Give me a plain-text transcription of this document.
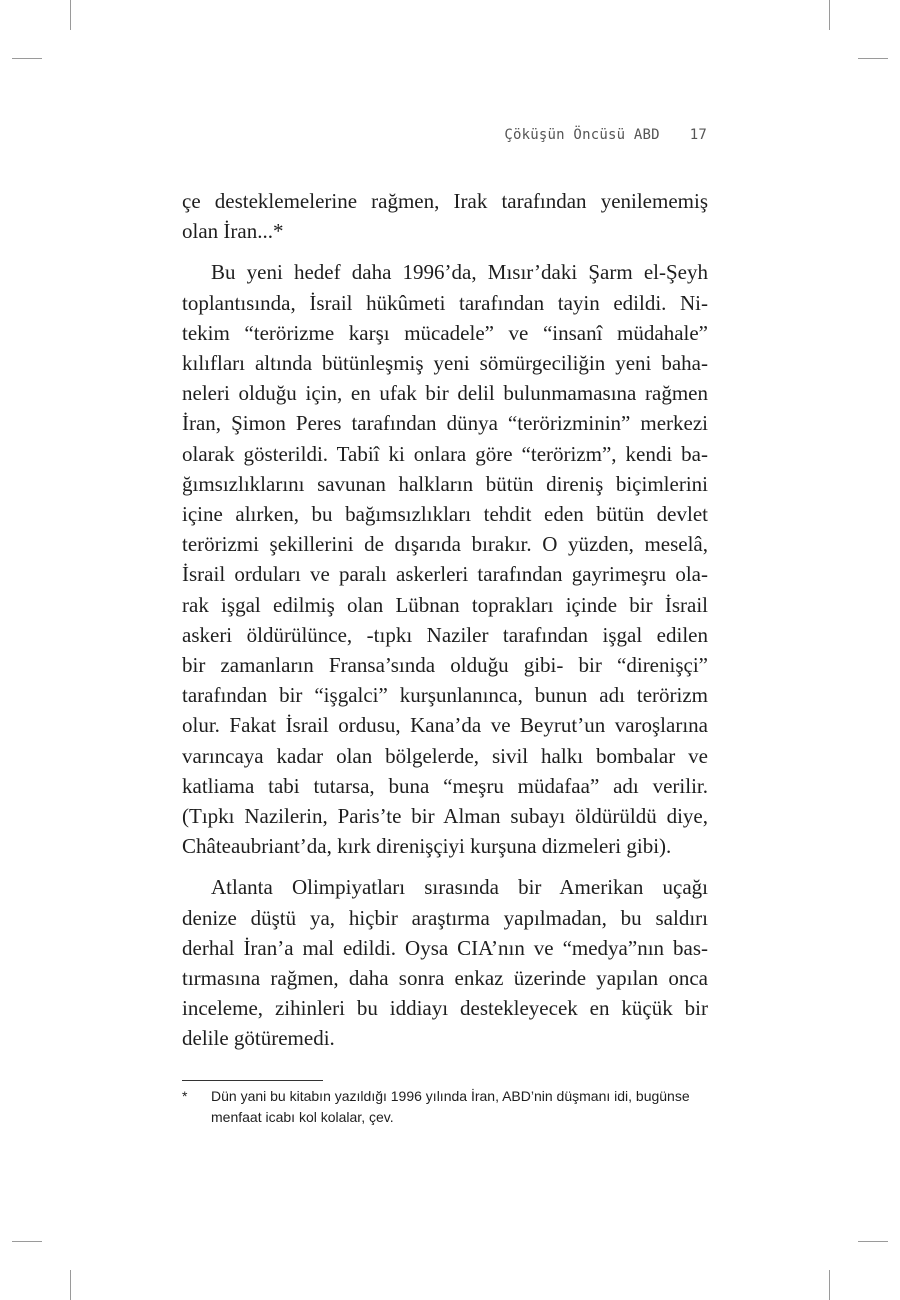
Çöküşün Öncüsü ABD 17

çe desteklemelerine rağmen, Irak tarafından yenilememiş
olan İran...*

Bu yeni hedef daha 1996’da, Mısır’daki Şarm el-Şeyh
toplantısında, İsrail hükûmeti tarafından tayin edildi. Ni-
tekim “terörizme karşı mücadele” ve “insanî müdahale”
kılıfları altında bütünleşmiş yeni sömürgeciliğin yeni baha-
neleri olduğu için, en ufak bir delil bulunmamasına rağmen
İran, Şimon Peres tarafından dünya “terörizminin” merkezi
olarak gösterildi. Tabiî ki onlara göre “terörizm”, kendi ba-
ğımsızlıklarını savunan halkların bütün direniş biçimlerini
içine alırken, bu bağımsızlıkları tehdit eden bütün devlet
terörizmi şekillerini de dışarıda bırakır. O yüzden, meselâ,
İsrail orduları ve paralı askerleri tarafından gayrimeşru ola-
rak işgal edilmiş olan Lübnan toprakları içinde bir İsrail
askeri öldürülünce, -tıpkı Naziler tarafından işgal edilen
bir zamanların Fransa’sında olduğu gibi- bir “direnişçi”
tarafından bir “işgalci” kurşunlanınca, bunun adı terörizm
olur. Fakat İsrail ordusu, Kana’da ve Beyrut’un varoşlarına
varıncaya kadar olan bölgelerde, sivil halkı bombalar ve
katliama tabi tutarsa, buna “meşru müdafaa” adı verilir.
(Tıpkı Nazilerin, Paris’te bir Alman subayı öldürüldü diye,
Châteaubriant’da, kırk direnişçiyi kurşuna dizmeleri gibi).

Atlanta Olimpiyatları sırasında bir Amerikan uçağı
denize düştü ya, hiçbir araştırma yapılmadan, bu saldırı
derhal İran’a mal edildi. Oysa CIA’nın ve “medya”nın bas-
tırmasına rağmen, daha sonra enkaz üzerinde yapılan onca
inceleme, zihinleri bu iddiayı destekleyecek en küçük bir
delile götüremedi.

* Dün yani bu kitabın yazıldığı 1996 yılında İran, ABD’nin düşmanı idi, bugünse
menfaat icabı kol kolalar, çev.
